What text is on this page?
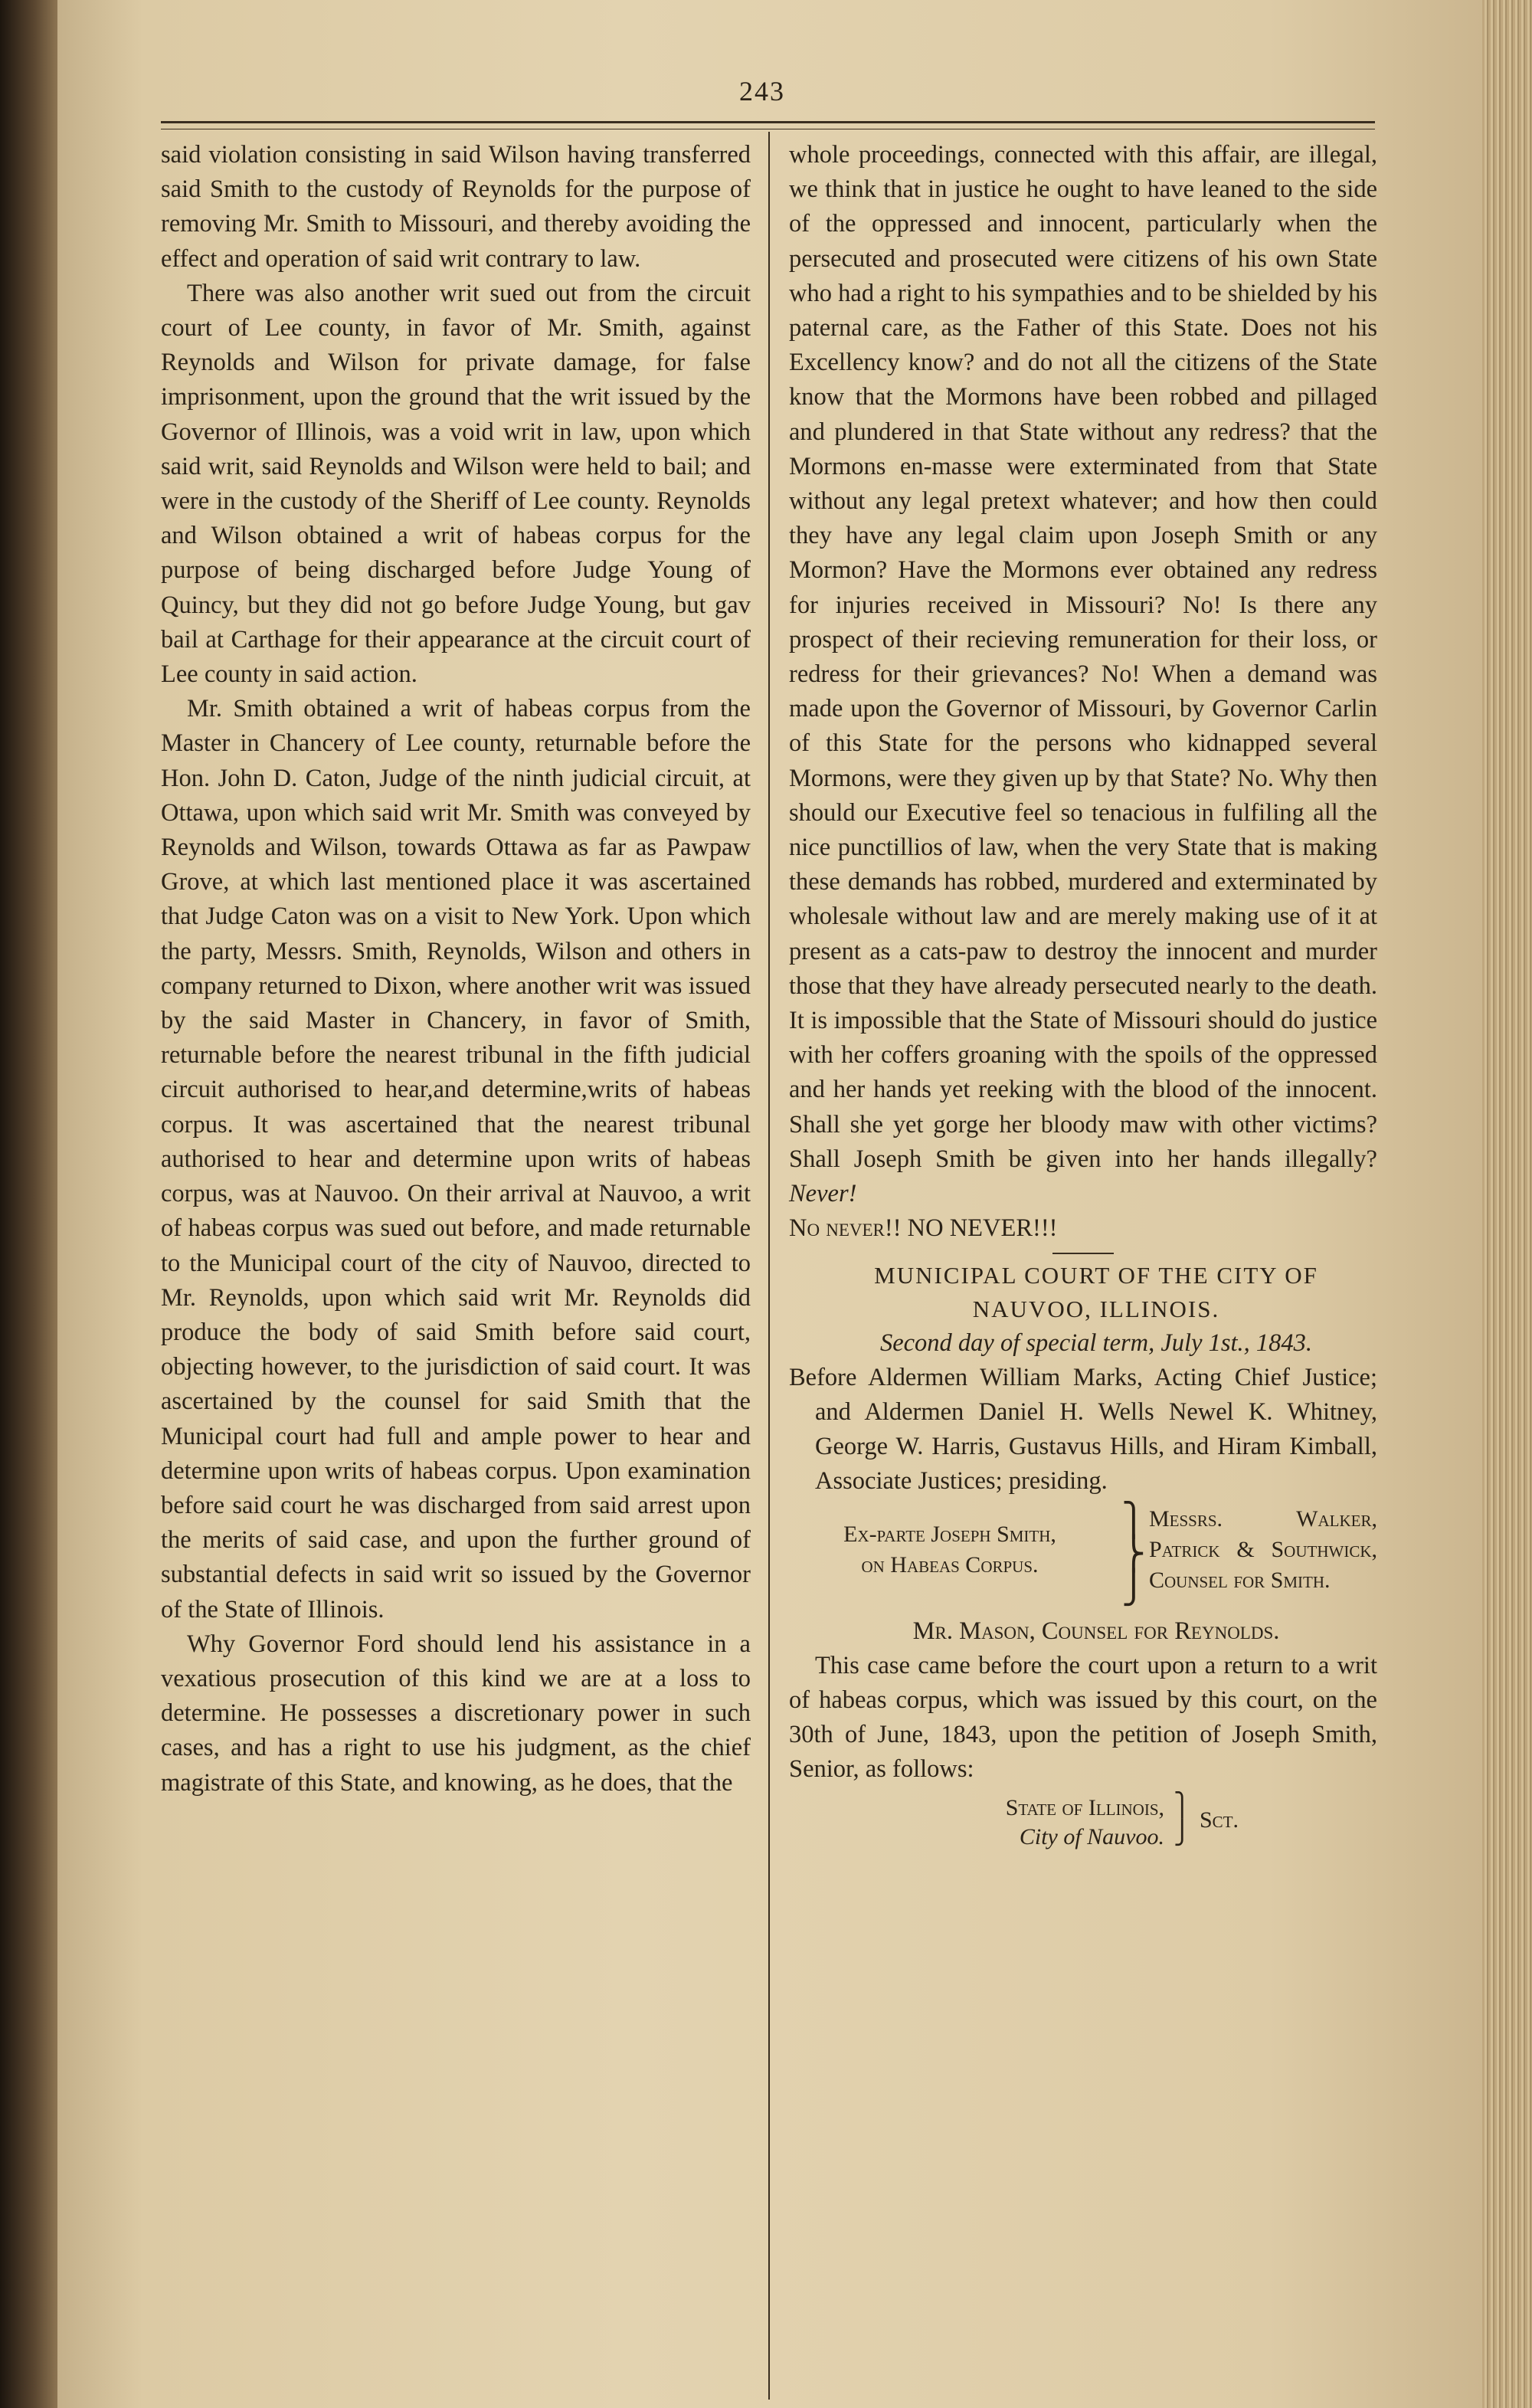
243

said violation consisting in said Wilson having transferred said Smith to the custody of Reynolds for the purpose of removing Mr. Smith to Missouri, and thereby avoiding the effect and operation of said writ contrary to law.

There was also another writ sued out from the circuit court of Lee county, in favor of Mr. Smith, against Reynolds and Wilson for private damage, for false imprisonment, upon the ground that the writ issued by the Governor of Illinois, was a void writ in law, upon which said writ, said Reynolds and Wilson were held to bail; and were in the custody of the Sheriff of Lee county. Reynolds and Wilson obtained a writ of habeas corpus for the purpose of being discharged before Judge Young of Quincy, but they did not go before Judge Young, but gav bail at Carthage for their appearance at the circuit court of Lee county in said action.

Mr. Smith obtained a writ of habeas corpus from the Master in Chancery of Lee county, returnable before the Hon. John D. Caton, Judge of the ninth judicial circuit, at Ottawa, upon which said writ Mr. Smith was conveyed by Reynolds and Wilson, towards Ottawa as far as Pawpaw Grove, at which last mentioned place it was ascertained that Judge Caton was on a visit to New York. Upon which the party, Messrs. Smith, Reynolds, Wilson and others in company returned to Dixon, where another writ was issued by the said Master in Chancery, in favor of Smith, returnable before the nearest tribunal in the fifth judicial circuit authorised to hear,and determine,writs of habeas corpus. It was ascertained that the nearest tribunal authorised to hear and determine upon writs of habeas corpus, was at Nauvoo. On their arrival at Nauvoo, a writ of habeas corpus was sued out before, and made returnable to the Municipal court of the city of Nauvoo, directed to Mr. Reynolds, upon which said writ Mr. Reynolds did produce the body of said Smith before said court, objecting however, to the jurisdiction of said court. It was ascertained by the counsel for said Smith that the Municipal court had full and ample power to hear and determine upon writs of habeas corpus. Upon examination before said court he was discharged from said arrest upon the merits of said case, and upon the further ground of substantial defects in said writ so issued by the Governor of the State of Illinois.

Why Governor Ford should lend his assistance in a vexatious prosecution of this kind we are at a loss to determine. He possesses a discretionary power in such cases, and has a right to use his judgment, as the chief magistrate of this State, and knowing, as he does, that the

whole proceedings, connected with this affair, are illegal, we think that in justice he ought to have leaned to the side of the oppressed and innocent, particularly when the persecuted and prosecuted were citizens of his own State who had a right to his sympathies and to be shielded by his paternal care, as the Father of this State. Does not his Excellency know? and do not all the citizens of the State know that the Mormons have been robbed and pillaged and plundered in that State without any redress? that the Mormons en-masse were exterminated from that State without any legal pretext whatever; and how then could they have any legal claim upon Joseph Smith or any Mormon? Have the Mormons ever obtained any redress for injuries received in Missouri? No! Is there any prospect of their recieving remuneration for their loss, or redress for their grievances? No! When a demand was made upon the Governor of Missouri, by Governor Carlin of this State for the persons who kidnapped several Mormons, were they given up by that State? No. Why then should our Executive feel so tenacious in fulfiling all the nice punctillios of law, when the very State that is making these demands has robbed, murdered and exterminated by wholesale without law and are merely making use of it at present as a cats-paw to destroy the innocent and murder those that they have already persecuted nearly to the death. It is impossible that the State of Missouri should do justice with her coffers groaning with the spoils of the oppressed and her hands yet reeking with the blood of the innocent. Shall she yet gorge her bloody maw with other victims? Shall Joseph Smith be given into her hands illegally? Never!
No never!! NO NEVER!!!

MUNICIPAL COURT OF THE CITY OF

NAUVOO, ILLINOIS.

Second day of special term, July 1st., 1843.

Before Aldermen William Marks, Acting Chief Justice; and Aldermen Daniel H. Wells Newel K. Whitney, George W. Harris, Gustavus Hills, and Hiram Kimball, Associate Justices; presiding.

Ex-parte Joseph Smith,
on Habeas Corpus.
⎫
⎬
⎭
Messrs. Walker, Patrick & Southwick, Counsel for Smith.

Mr. Mason, Counsel for Reynolds.

This case came before the court upon a return to a writ of habeas corpus, which was issued by this court, on the 30th of June, 1843, upon the petition of Joseph Smith, Senior, as follows:

State of Illinois,
City of Nauvoo.
⎫
⎭
Sct.
